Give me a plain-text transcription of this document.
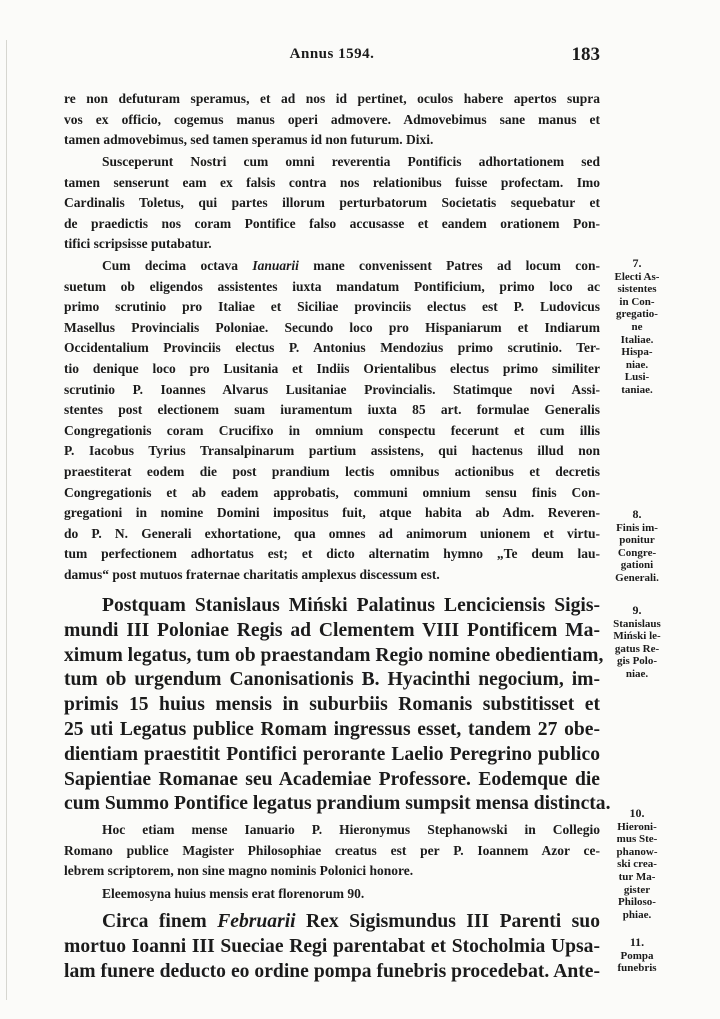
Annus 1594.	183
re non defuturam speramus, et ad nos id pertinet, oculos habere apertos supra
vos ex officio, cogemus manus operi admovere. Admovebimus sane manus et
tamen admovebimus, sed tamen speramus id non futurum. Dixi.
Susceperunt Nostri cum omni reverentia Pontificis adhortationem sed
tamen senserunt eam ex falsis contra nos relationibus fuisse profectam. Imo
Cardinalis Toletus, qui partes illorum perturbatorum Societatis sequebatur et
de praedictis nos coram Pontifice falso accusasse et eandem orationem Pon-
tifici scripsisse putabatur.
Cum decima octava Ianuarii mane convenissent Patres ad locum con-
suetum ob eligendos assistentes iuxta mandatum Pontificium, primo loco ac
primo scrutinio pro Italiae et Siciliae provinciis electus est P. Ludovicus
Masellus Provincialis Poloniae. Secundo loco pro Hispaniarum et Indiarum
Occidentalium Provinciis electus P. Antonius Mendozius primo scrutinio. Ter-
tio denique loco pro Lusitania et Indiis Orientalibus electus primo similiter
scrutinio P. Ioannes Alvarus Lusitaniae Provincialis. Statimque novi Assi-
stentes post electionem suam iuramentum iuxta 85 art. formulae Generalis
Congregationis coram Crucifixo in omnium conspectu fecerunt et cum illis
P. Iacobus Tyrius Transalpinarum partium assistens, qui hactenus illud non
praestiterat eodem die post prandium lectis omnibus actionibus et decretis
Congregationis et ab eadem approbatis, communi omnium sensu finis Con-
gregationi in nomine Domini impositus fuit, atque habita ab Adm. Reveren-
do P. N. Generali exhortatione, qua omnes ad animorum unionem et virtu-
tum perfectionem adhortatus est; et dicto alternatim hymno „Te deum lau-
damus“ post mutuos fraternae charitatis amplexus discessum est.
Postquam Stanislaus Miński Palatinus Lenciciensis Sigis-
mundi III Poloniae Regis ad Clementem VIII Pontificem Ma-
ximum legatus, tum ob praestandam Regio nomine obedientiam,
tum ob urgendum Canonisationis B. Hyacinthi negocium, im-
primis 15 huius mensis in suburbiis Romanis substitisset et
25 uti Legatus publice Romam ingressus esset, tandem 27 obe-
dientiam praestitit Pontifici perorante Laelio Peregrino publico
Sapientiae Romanae seu Academiae Professore. Eodemque die
cum Summo Pontifice legatus prandium sumpsit mensa distincta.
Hoc etiam mense Ianuario P. Hieronymus Stephanowski in Collegio
Romano publice Magister Philosophiae creatus est per P. Ioannem Azor ce-
lebrem scriptorem, non sine magno nominis Polonici honore.
Eleemosyna huius mensis erat florenorum 90.
Circa finem Februarii Rex Sigismundus III Parenti suo
mortuo Ioanni III Sueciae Regi parentabat et Stocholmia Upsa-
lam funere deducto eo ordine pompa funebris procedebat. Ante-
7.
Electi As-
sistentes
in Con-
gregatio-
ne
Italiae.
Hispa-
niae.
Lusi-
taniae.
8.
Finis im-
ponitur
Congre-
gationi
Generali.
9.
Stanislaus
Miński le-
gatus Re-
gis Polo-
niae.
10.
Hieroni-
mus Ste-
phanow-
ski crea-
tur Ma-
gister
Philoso-
phiae.
11.
Pompa
funebris
